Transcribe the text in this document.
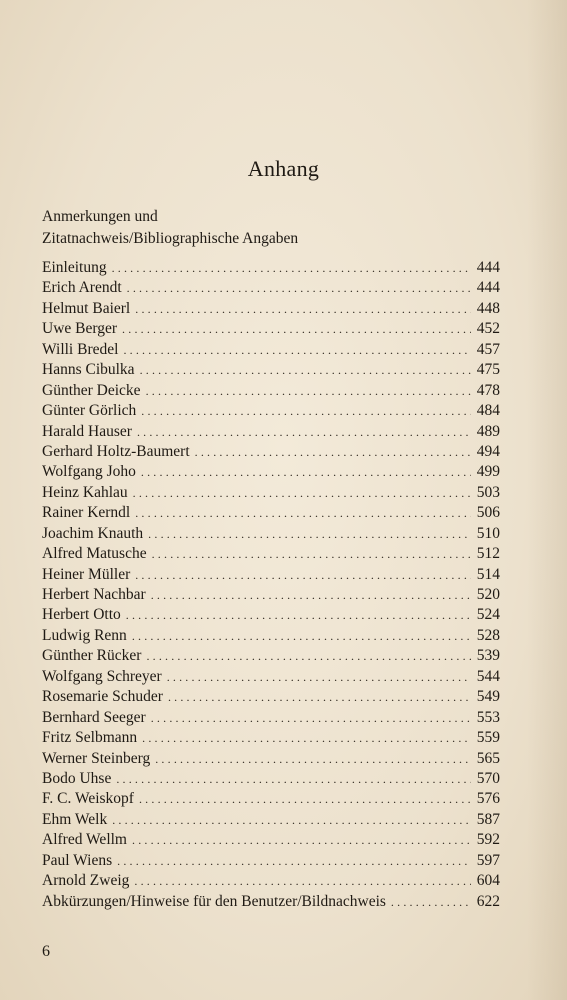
Anhang
Anmerkungen und
Zitatnachweis/Bibliographische Angaben
Einleitung .....	444
Erich Arendt .....	444
Helmut Baierl .....	448
Uwe Berger .....	452
Willi Bredel .....	457
Hanns Cibulka .....	475
Günther Deicke .....	478
Günter Görlich .....	484
Harald Hauser .....	489
Gerhard Holtz-Baumert .....	494
Wolfgang Joho .....	499
Heinz Kahlau .....	503
Rainer Kerndl .....	506
Joachim Knauth .....	510
Alfred Matusche .....	512
Heiner Müller .....	514
Herbert Nachbar .....	520
Herbert Otto .....	524
Ludwig Renn .....	528
Günther Rücker .....	539
Wolfgang Schreyer .....	544
Rosemarie Schuder .....	549
Bernhard Seeger .....	553
Fritz Selbmann .....	559
Werner Steinberg .....	565
Bodo Uhse .....	570
F. C. Weiskopf .....	576
Ehm Welk .....	587
Alfred Wellm .....	592
Paul Wiens .....	597
Arnold Zweig .....	604
Abkürzungen/Hinweise für den Benutzer/Bildnachweis .....	622
6
